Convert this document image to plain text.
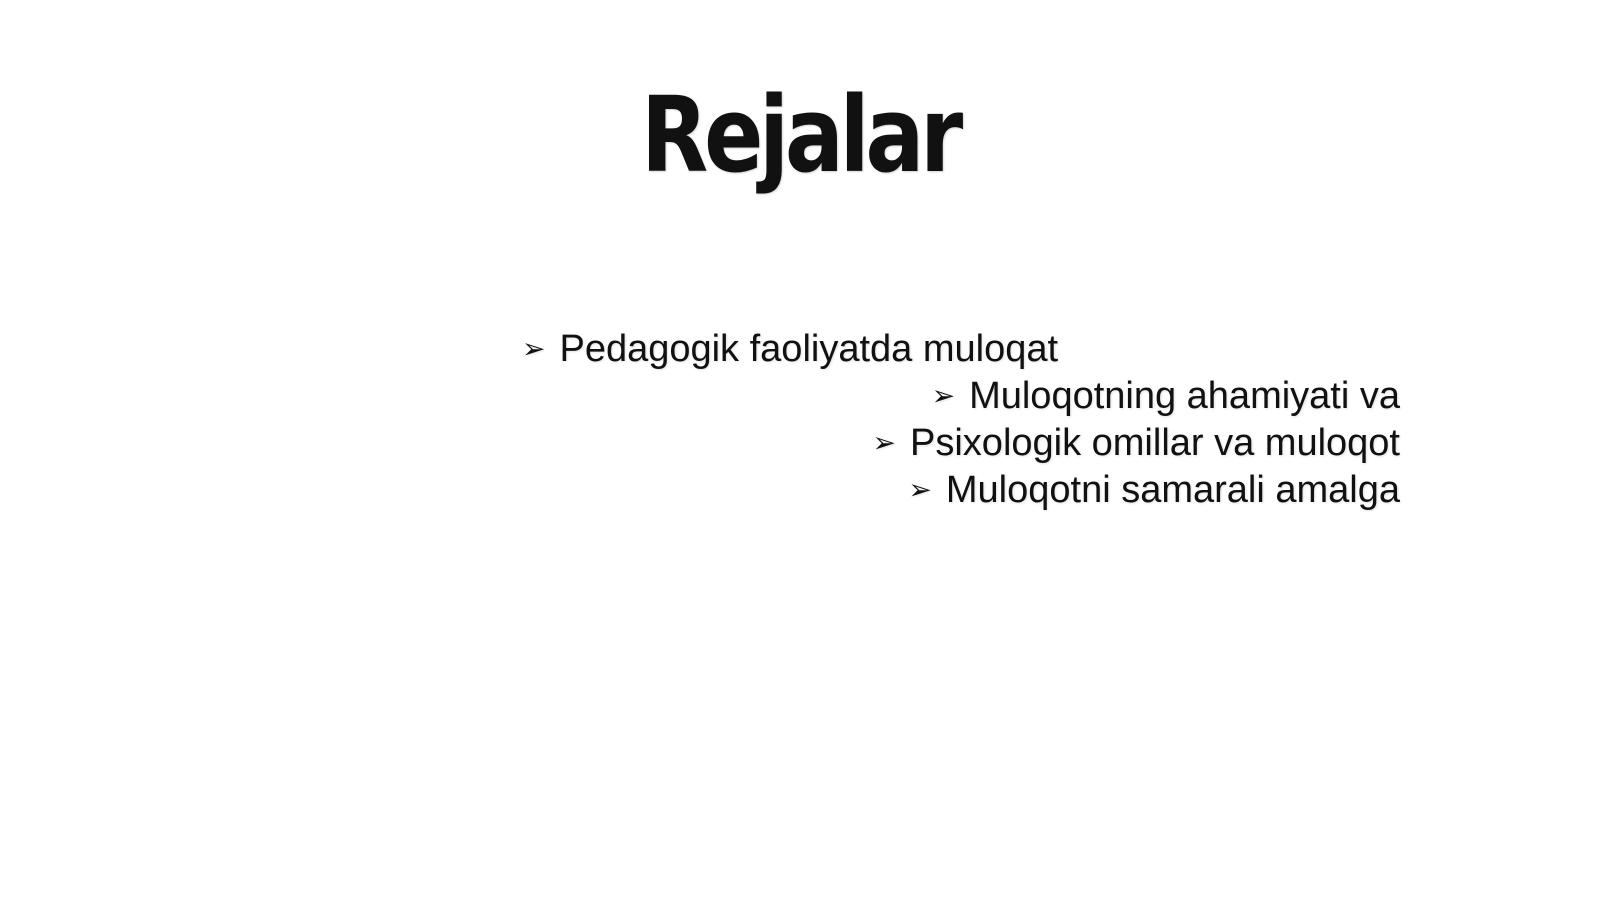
Rejalar
➢ Pedagogik faoliyatda muloqat
➢ Muloqotning ahamiyati va
➢ Psixologik omillar va muloqot
➢ Muloqotni samarali amalga
